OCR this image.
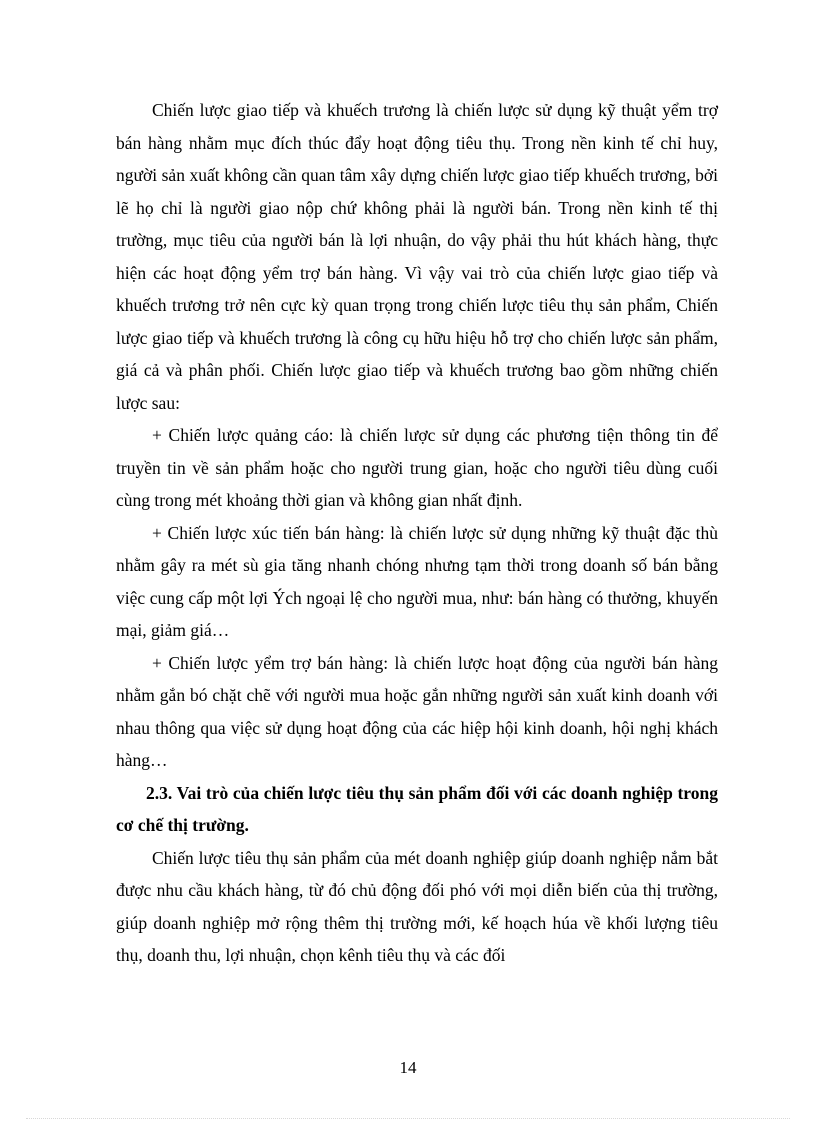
Chiến lược giao tiếp và khuếch trương là chiến lược sử dụng kỹ thuật yểm trợ bán hàng nhằm mục đích thúc đẩy hoạt động tiêu thụ. Trong nền kinh tế chỉ huy, người sản xuất không cần quan tâm xây dựng chiến lược giao tiếp khuếch trương, bởi lẽ họ chỉ là người giao nộp chứ không phải là người bán. Trong nền kinh tế thị trường, mục tiêu của người bán là lợi nhuận, do vậy phải thu hút khách hàng, thực hiện các hoạt động yểm trợ bán hàng. Vì vậy vai trò của chiến lược giao tiếp và khuếch trương trở nên cực kỳ quan trọng trong chiến lược tiêu thụ sản phẩm, Chiến lược giao tiếp và khuếch trương là công cụ hữu hiệu hỗ trợ cho chiến lược sản phẩm, giá cả và phân phối. Chiến lược giao tiếp và khuếch trương bao gồm những chiến lược sau:

+ Chiến lược quảng cáo: là chiến lược sử dụng các phương tiện thông tin để truyền tin về sản phẩm hoặc cho người trung gian, hoặc cho người tiêu dùng cuối cùng trong mét khoảng thời gian và không gian nhất định.

+ Chiến lược xúc tiến bán hàng: là chiến lược sử dụng những kỹ thuật đặc thù nhằm gây ra mét sù gia tăng nhanh chóng nhưng tạm thời trong doanh số bán bằng việc cung cấp một lợi Ých ngoại lệ cho người mua, như: bán hàng có thưởng, khuyến mại, giảm giá…

+ Chiến lược yểm trợ bán hàng: là chiến lược hoạt động của người bán hàng nhằm gắn bó chặt chẽ với người mua hoặc gắn những người sản xuất kinh doanh với nhau thông qua việc sử dụng hoạt động của các hiệp hội kinh doanh, hội nghị khách hàng…

2.3. Vai trò của chiến lược tiêu thụ sản phẩm đối với các doanh nghiệp trong cơ chế thị trường.

Chiến lược tiêu thụ sản phẩm của mét doanh nghiệp giúp doanh nghiệp nắm bắt được nhu cầu khách hàng, từ đó chủ động đối phó với mọi diễn biến của thị trường, giúp doanh nghiệp mở rộng thêm thị trường mới, kế hoạch húa về khối lượng tiêu thụ, doanh thu, lợi nhuận, chọn kênh tiêu thụ và các đối

14
